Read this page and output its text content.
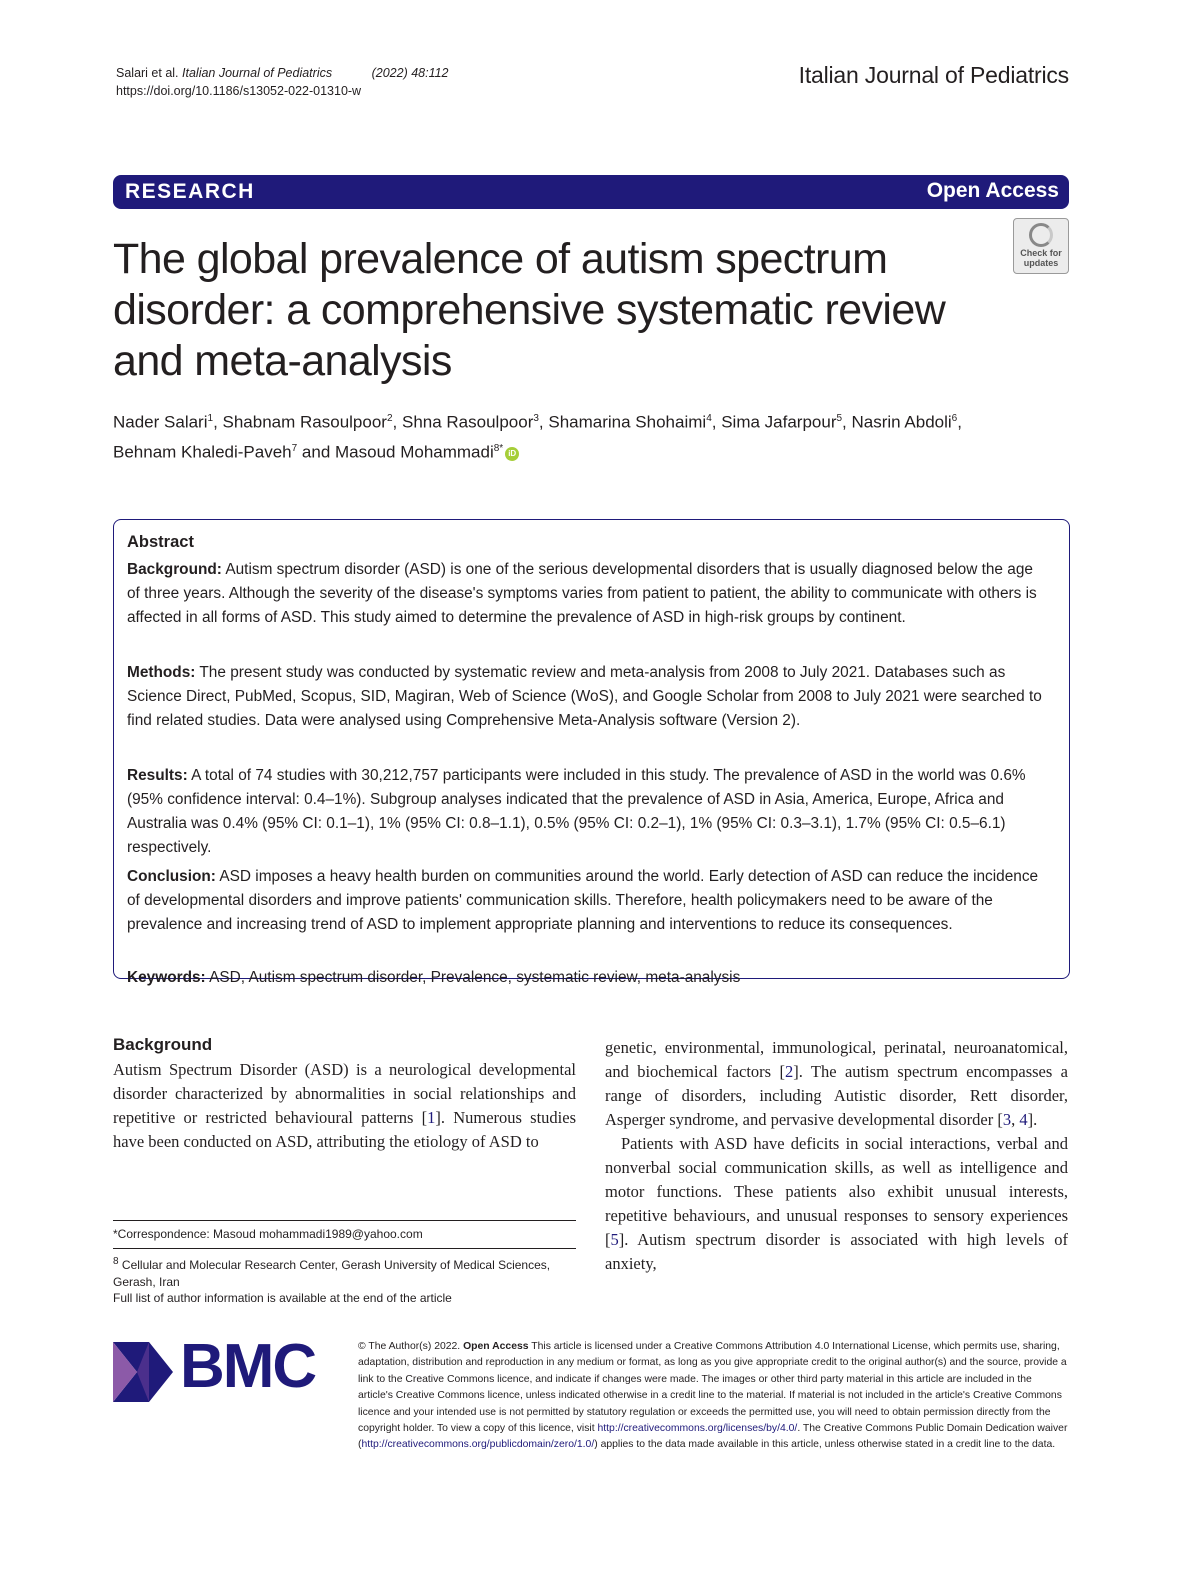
Salari et al. Italian Journal of Pediatrics	(2022) 48:112
https://doi.org/10.1186/s13052-022-01310-w
Italian Journal of Pediatrics
RESEARCH	Open Access
The global prevalence of autism spectrum disorder: a comprehensive systematic review and meta-analysis
Check for updates
Nader Salari$^1$, Shabnam Rasoulpoor$^2$, Shna Rasoulpoor$^3$, Shamarina Shohaimi$^4$, Sima Jafarpour$^5$, Nasrin Abdoli$^6$,
Behnam Khaledi-Paveh$^7$ and Masoud Mohammadi$^{8*}$iD
Abstract
Background: Autism spectrum disorder (ASD) is one of the serious developmental disorders that is usually diagnosed below the age of three years. Although the severity of the disease's symptoms varies from patient to patient, the ability to communicate with others is affected in all forms of ASD. This study aimed to determine the prevalence of ASD in high-risk groups by continent.
Methods: The present study was conducted by systematic review and meta-analysis from 2008 to July 2021. Databases such as Science Direct, PubMed, Scopus, SID, Magiran, Web of Science (WoS), and Google Scholar from 2008 to July 2021 were searched to find related studies. Data were analysed using Comprehensive Meta-Analysis software (Version 2).
Results: A total of 74 studies with 30,212,757 participants were included in this study. The prevalence of ASD in the world was 0.6% (95% confidence interval: 0.4–1%). Subgroup analyses indicated that the prevalence of ASD in Asia, America, Europe, Africa and Australia was 0.4% (95% CI: 0.1–1), 1% (95% CI: 0.8–1.1), 0.5% (95% CI: 0.2–1), 1% (95% CI: 0.3–3.1), 1.7% (95% CI: 0.5–6.1) respectively.
Conclusion: ASD imposes a heavy health burden on communities around the world. Early detection of ASD can reduce the incidence of developmental disorders and improve patients' communication skills. Therefore, health policymakers need to be aware of the prevalence and increasing trend of ASD to implement appropriate planning and interventions to reduce its consequences.
Keywords: ASD, Autism spectrum disorder, Prevalence, systematic review, meta-analysis
Background
Autism Spectrum Disorder (ASD) is a neurological developmental disorder characterized by abnormalities in social relationships and repetitive or restricted behavioural patterns [1]. Numerous studies have been conducted on ASD, attributing the etiology of ASD to
genetic, environmental, immunological, perinatal, neuroanatomical, and biochemical factors [2]. The autism spectrum encompasses a range of disorders, including Autistic disorder, Rett disorder, Asperger syndrome, and pervasive developmental disorder [3, 4].
Patients with ASD have deficits in social interactions, verbal and nonverbal social communication skills, as well as intelligence and motor functions. These patients also exhibit unusual interests, repetitive behaviours, and unusual responses to sensory experiences [5]. Autism spectrum disorder is associated with high levels of anxiety,
*Correspondence: Masoud mohammadi1989@yahoo.com
$^8$ Cellular and Molecular Research Center, Gerash University of Medical Sciences, Gerash, Iran
Full list of author information is available at the end of the article
BMC	© The Author(s) 2022. Open Access This article is licensed under a Creative Commons Attribution 4.0 International License, which permits use, sharing, adaptation, distribution and reproduction in any medium or format, as long as you give appropriate credit to the original author(s) and the source, provide a link to the Creative Commons licence, and indicate if changes were made. The images or other third party material in this article are included in the article's Creative Commons licence, unless indicated otherwise in a credit line to the material. If material is not included in the article's Creative Commons licence and your intended use is not permitted by statutory regulation or exceeds the permitted use, you will need to obtain permission directly from the copyright holder. To view a copy of this licence, visit http://creativecommons.org/licenses/by/4.0/. The Creative Commons Public Domain Dedication waiver (http://creativecommons.org/publicdomain/zero/1.0/) applies to the data made available in this article, unless otherwise stated in a credit line to the data.
